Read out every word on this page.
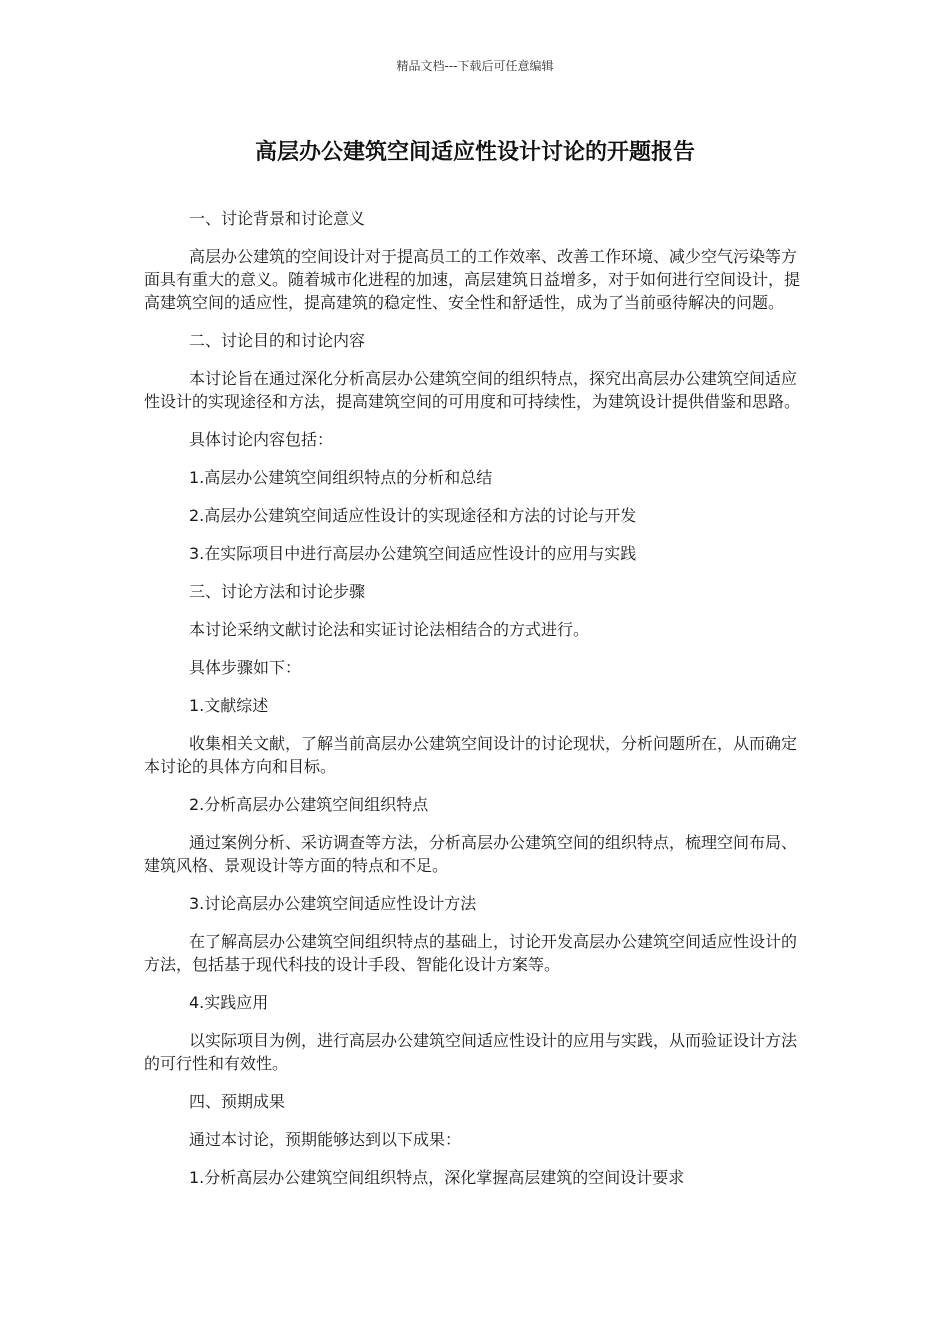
精品文档---下载后可任意编辑
高层办公建筑空间适应性设计讨论的开题报告

一、讨论背景和讨论意义

高层办公建筑的空间设计对于提高员工的工作效率、改善工作环境、减少空气污染等方面具有重大的意义。随着城市化进程的加速，高层建筑日益增多，对于如何进行空间设计，提高建筑空间的适应性，提高建筑的稳定性、安全性和舒适性，成为了当前亟待解决的问题。

二、讨论目的和讨论内容

本讨论旨在通过深化分析高层办公建筑空间的组织特点，探究出高层办公建筑空间适应性设计的实现途径和方法，提高建筑空间的可用度和可持续性，为建筑设计提供借鉴和思路。

具体讨论内容包括：

1.高层办公建筑空间组织特点的分析和总结

2.高层办公建筑空间适应性设计的实现途径和方法的讨论与开发

3.在实际项目中进行高层办公建筑空间适应性设计的应用与实践

三、讨论方法和讨论步骤

本讨论采纳文献讨论法和实证讨论法相结合的方式进行。

具体步骤如下：

1.文献综述

收集相关文献，了解当前高层办公建筑空间设计的讨论现状，分析问题所在，从而确定本讨论的具体方向和目标。

2.分析高层办公建筑空间组织特点

通过案例分析、采访调查等方法，分析高层办公建筑空间的组织特点，梳理空间布局、建筑风格、景观设计等方面的特点和不足。

3.讨论高层办公建筑空间适应性设计方法

在了解高层办公建筑空间组织特点的基础上，讨论开发高层办公建筑空间适应性设计的方法，包括基于现代科技的设计手段、智能化设计方案等。

4.实践应用

以实际项目为例，进行高层办公建筑空间适应性设计的应用与实践，从而验证设计方法的可行性和有效性。

四、预期成果

通过本讨论，预期能够达到以下成果：

1.分析高层办公建筑空间组织特点，深化掌握高层建筑的空间设计要求
